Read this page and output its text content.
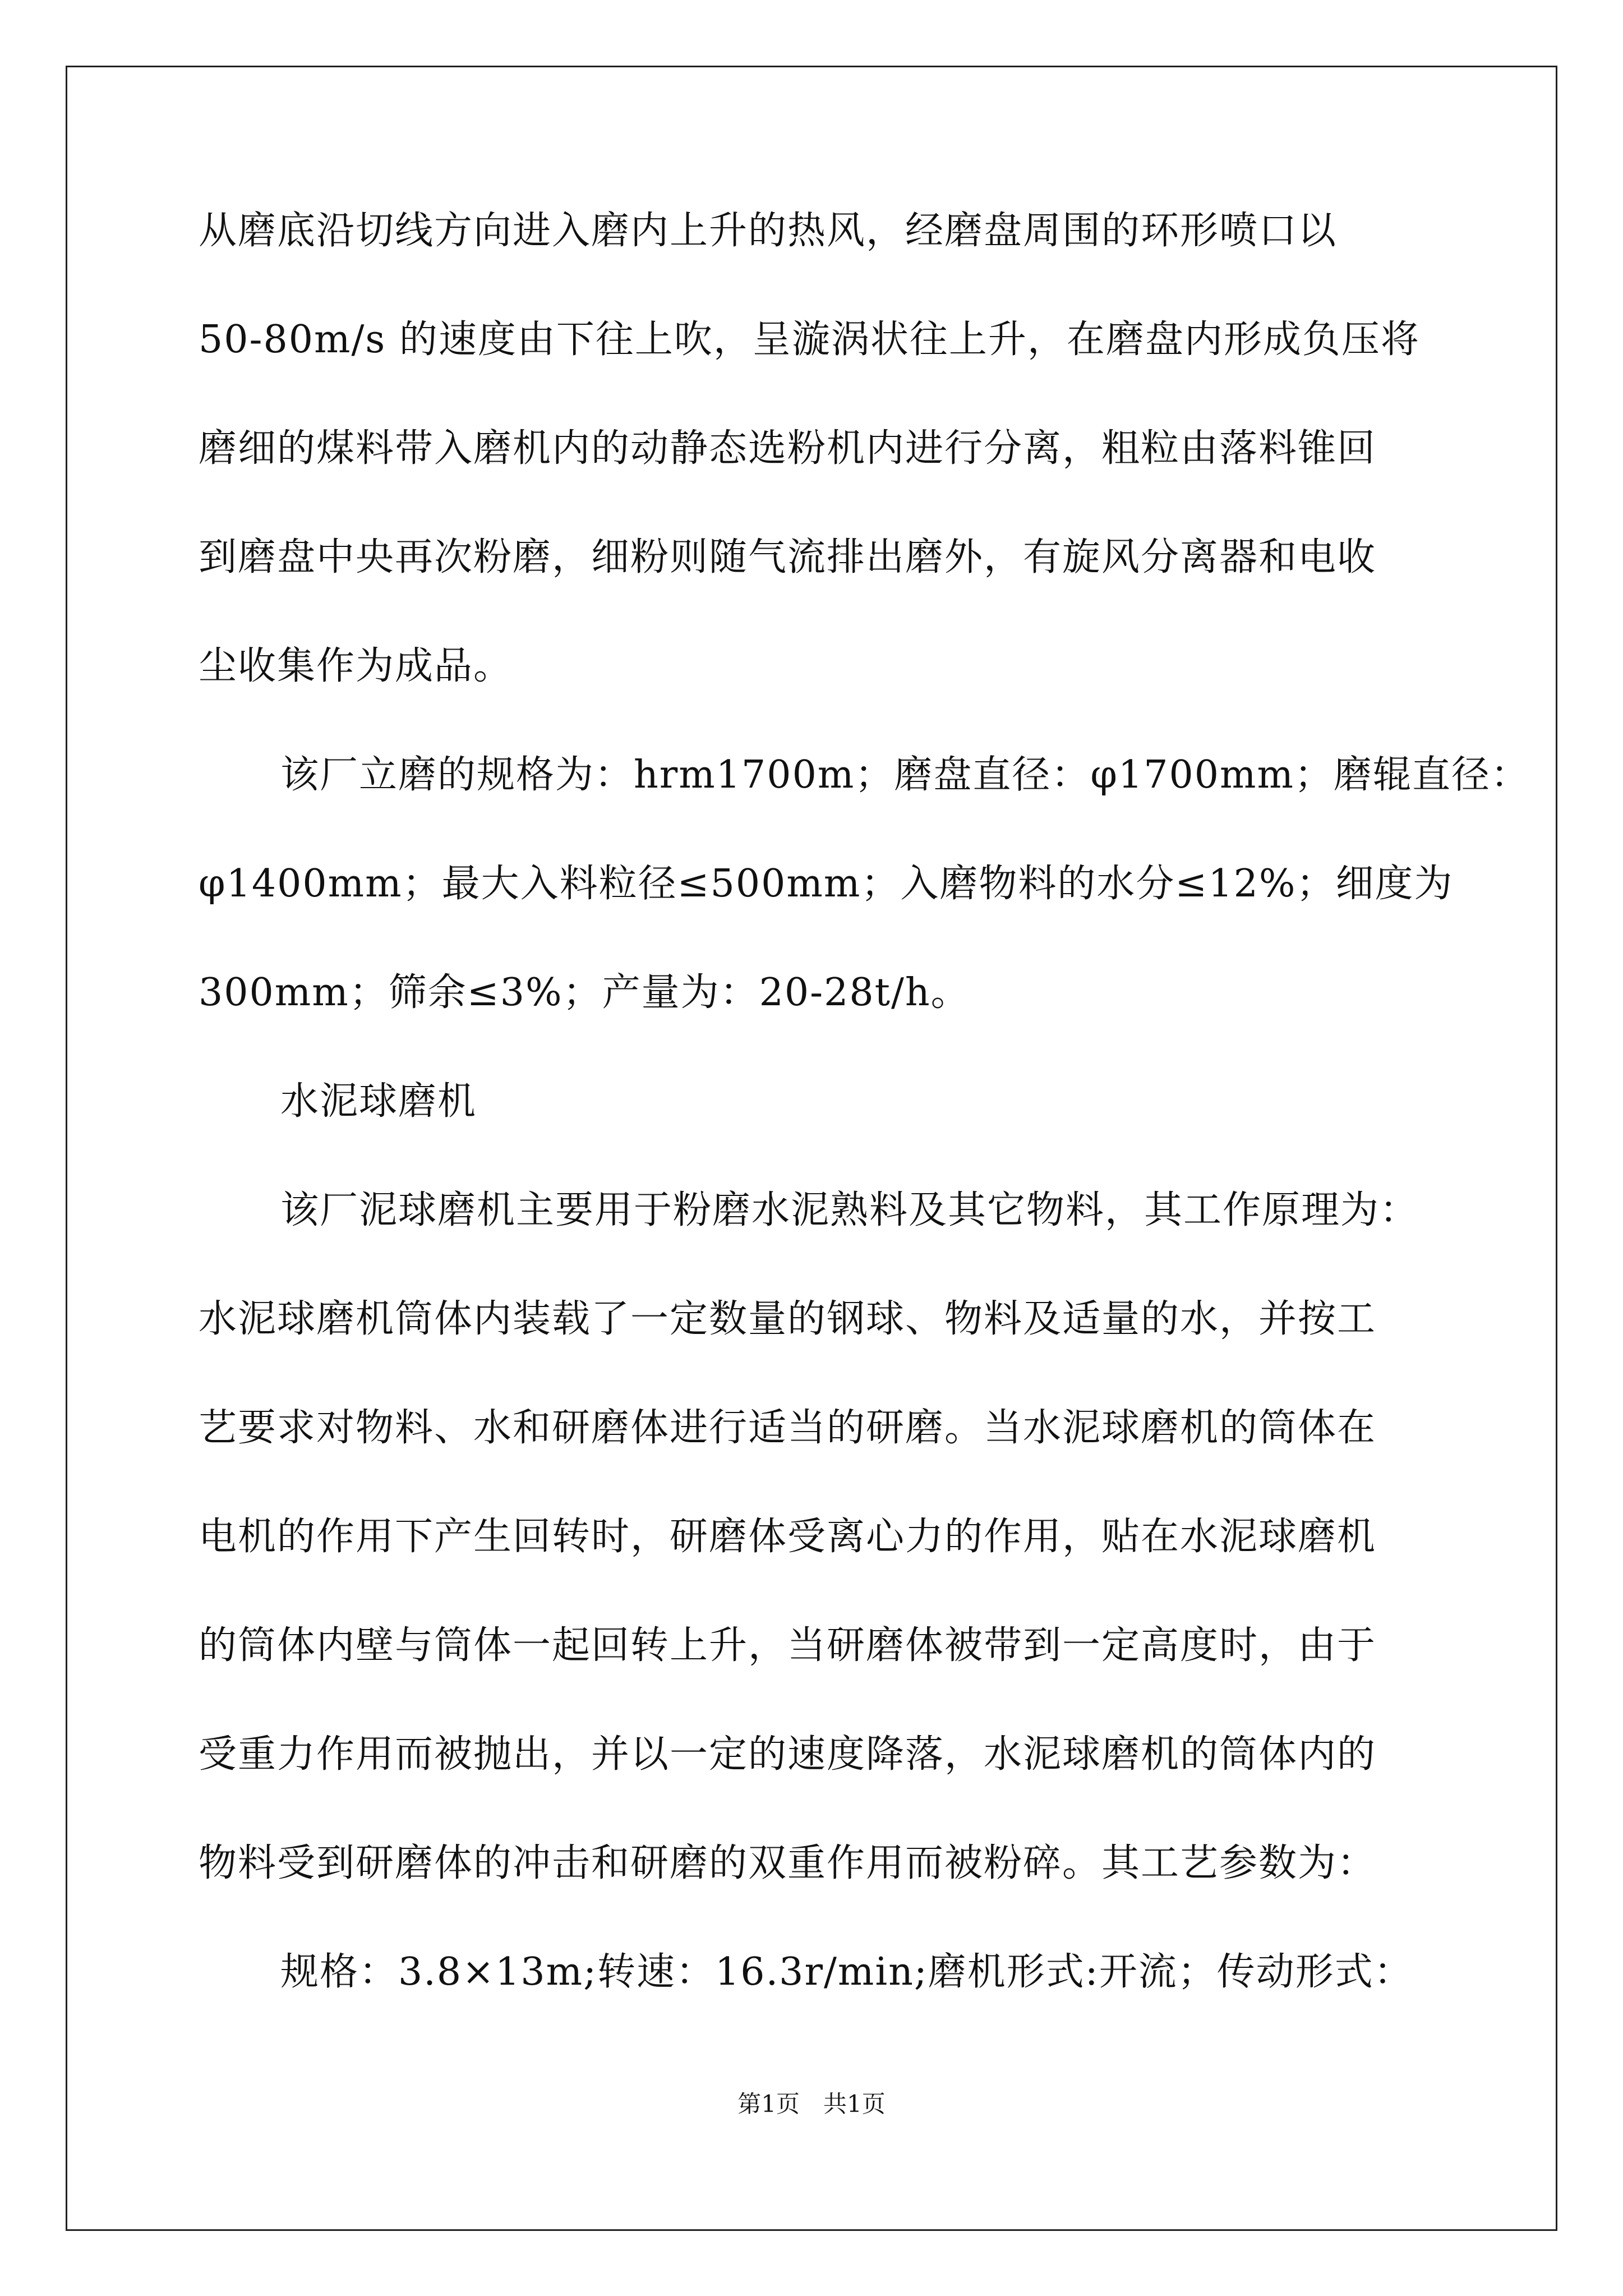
从磨底沿切线方向进入磨内上升的热风，经磨盘周围的环形喷口以
50-80m/s 的速度由下往上吹，呈漩涡状往上升，在磨盘内形成负压将
磨细的煤料带入磨机内的动静态选粉机内进行分离，粗粒由落料锥回
到磨盘中央再次粉磨，细粉则随气流排出磨外，有旋风分离器和电收
尘收集作为成品。
该厂立磨的规格为：hrm1700m；磨盘直径：φ1700mm；磨辊直径：
φ1400mm；最大入料粒径≤500mm；入磨物料的水分≤12%；细度为
300mm；筛余≤3%；产量为：20-28t/h。
水泥球磨机
该厂泥球磨机主要用于粉磨水泥熟料及其它物料，其工作原理为：
水泥球磨机筒体内装载了一定数量的钢球、物料及适量的水，并按工
艺要求对物料、水和研磨体进行适当的研磨。当水泥球磨机的筒体在
电机的作用下产生回转时，研磨体受离心力的作用，贴在水泥球磨机
的筒体内壁与筒体一起回转上升，当研磨体被带到一定高度时，由于
受重力作用而被抛出，并以一定的速度降落，水泥球磨机的筒体内的
物料受到研磨体的冲击和研磨的双重作用而被粉碎。其工艺参数为：
规格：3.8×13m;转速：16.3r/min;磨机形式:开流；传动形式：
第1页　共1页
